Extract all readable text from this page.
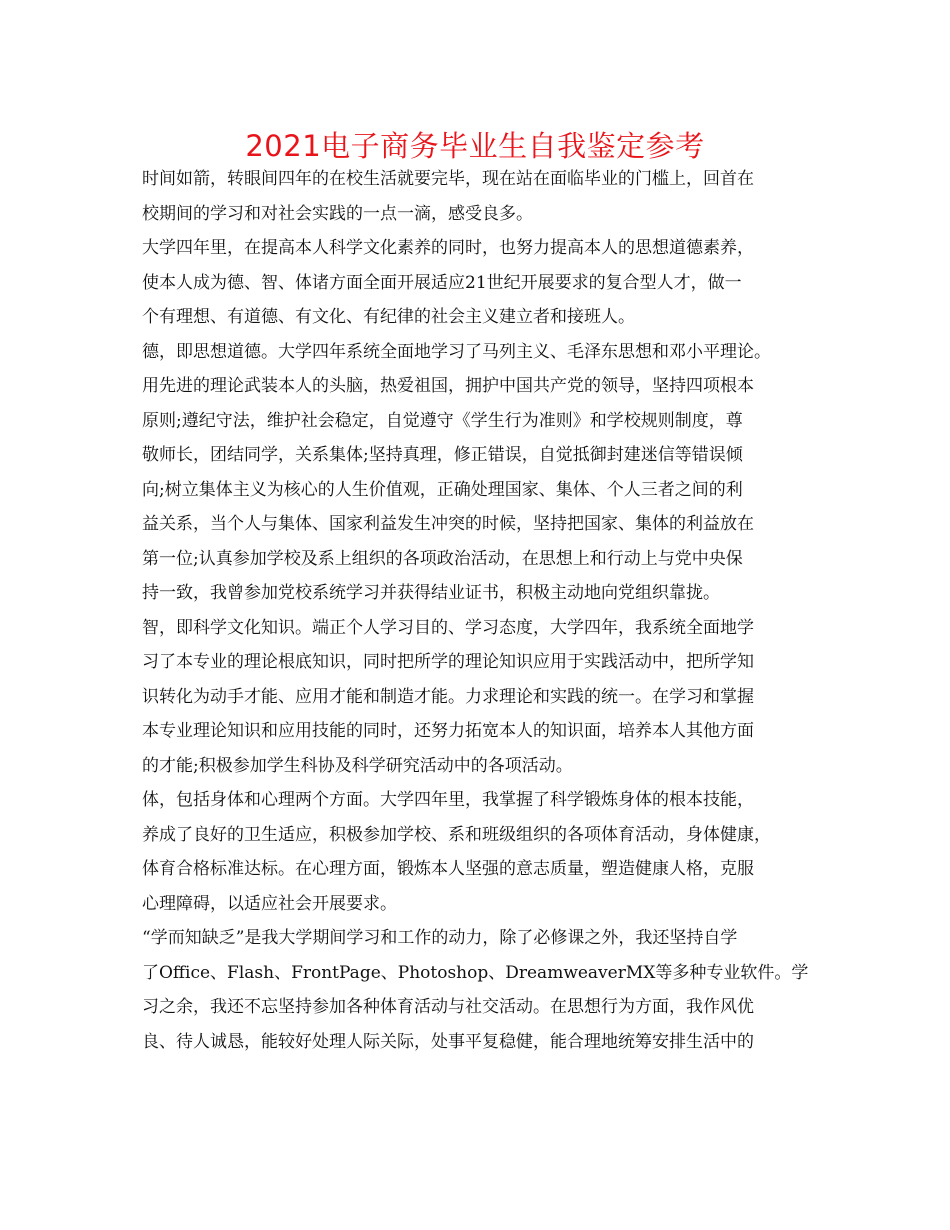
2021电子商务毕业生自我鉴定参考
时间如箭，转眼间四年的在校生活就要完毕，现在站在面临毕业的门槛上，回首在
校期间的学习和对社会实践的一点一滴，感受良多。
大学四年里，在提高本人科学文化素养的同时，也努力提高本人的思想道德素养，
使本人成为德、智、体诸方面全面开展适应21世纪开展要求的复合型人才，做一
个有理想、有道德、有文化、有纪律的社会主义建立者和接班人。
德，即思想道德。大学四年系统全面地学习了马列主义、毛泽东思想和邓小平理论。
用先进的理论武装本人的头脑，热爱祖国，拥护中国共产党的领导，坚持四项根本
原则;遵纪守法，维护社会稳定，自觉遵守《学生行为准则》和学校规则制度，尊
敬师长，团结同学，关系集体;坚持真理，修正错误，自觉抵御封建迷信等错误倾
向;树立集体主义为核心的人生价值观，正确处理国家、集体、个人三者之间的利
益关系，当个人与集体、国家利益发生冲突的时候，坚持把国家、集体的利益放在
第一位;认真参加学校及系上组织的各项政治活动，在思想上和行动上与党中央保
持一致，我曾参加党校系统学习并获得结业证书，积极主动地向党组织靠拢。
智，即科学文化知识。端正个人学习目的、学习态度，大学四年，我系统全面地学
习了本专业的理论根底知识，同时把所学的理论知识应用于实践活动中，把所学知
识转化为动手才能、应用才能和制造才能。力求理论和实践的统一。在学习和掌握
本专业理论知识和应用技能的同时，还努力拓宽本人的知识面，培养本人其他方面
的才能;积极参加学生科协及科学研究活动中的各项活动。
体，包括身体和心理两个方面。大学四年里，我掌握了科学锻炼身体的根本技能，
养成了良好的卫生适应，积极参加学校、系和班级组织的各项体育活动，身体健康，
体育合格标准达标。在心理方面，锻炼本人坚强的意志质量，塑造健康人格，克服
心理障碍，以适应社会开展要求。
“学而知缺乏”是我大学期间学习和工作的动力，除了必修课之外，我还坚持自学
了Office、Flash、FrontPage、Photoshop、DreamweaverMX等多种专业软件。学
习之余，我还不忘坚持参加各种体育活动与社交活动。在思想行为方面，我作风优
良、待人诚恳，能较好处理人际关际，处事平复稳健，能合理地统筹安排生活中的
